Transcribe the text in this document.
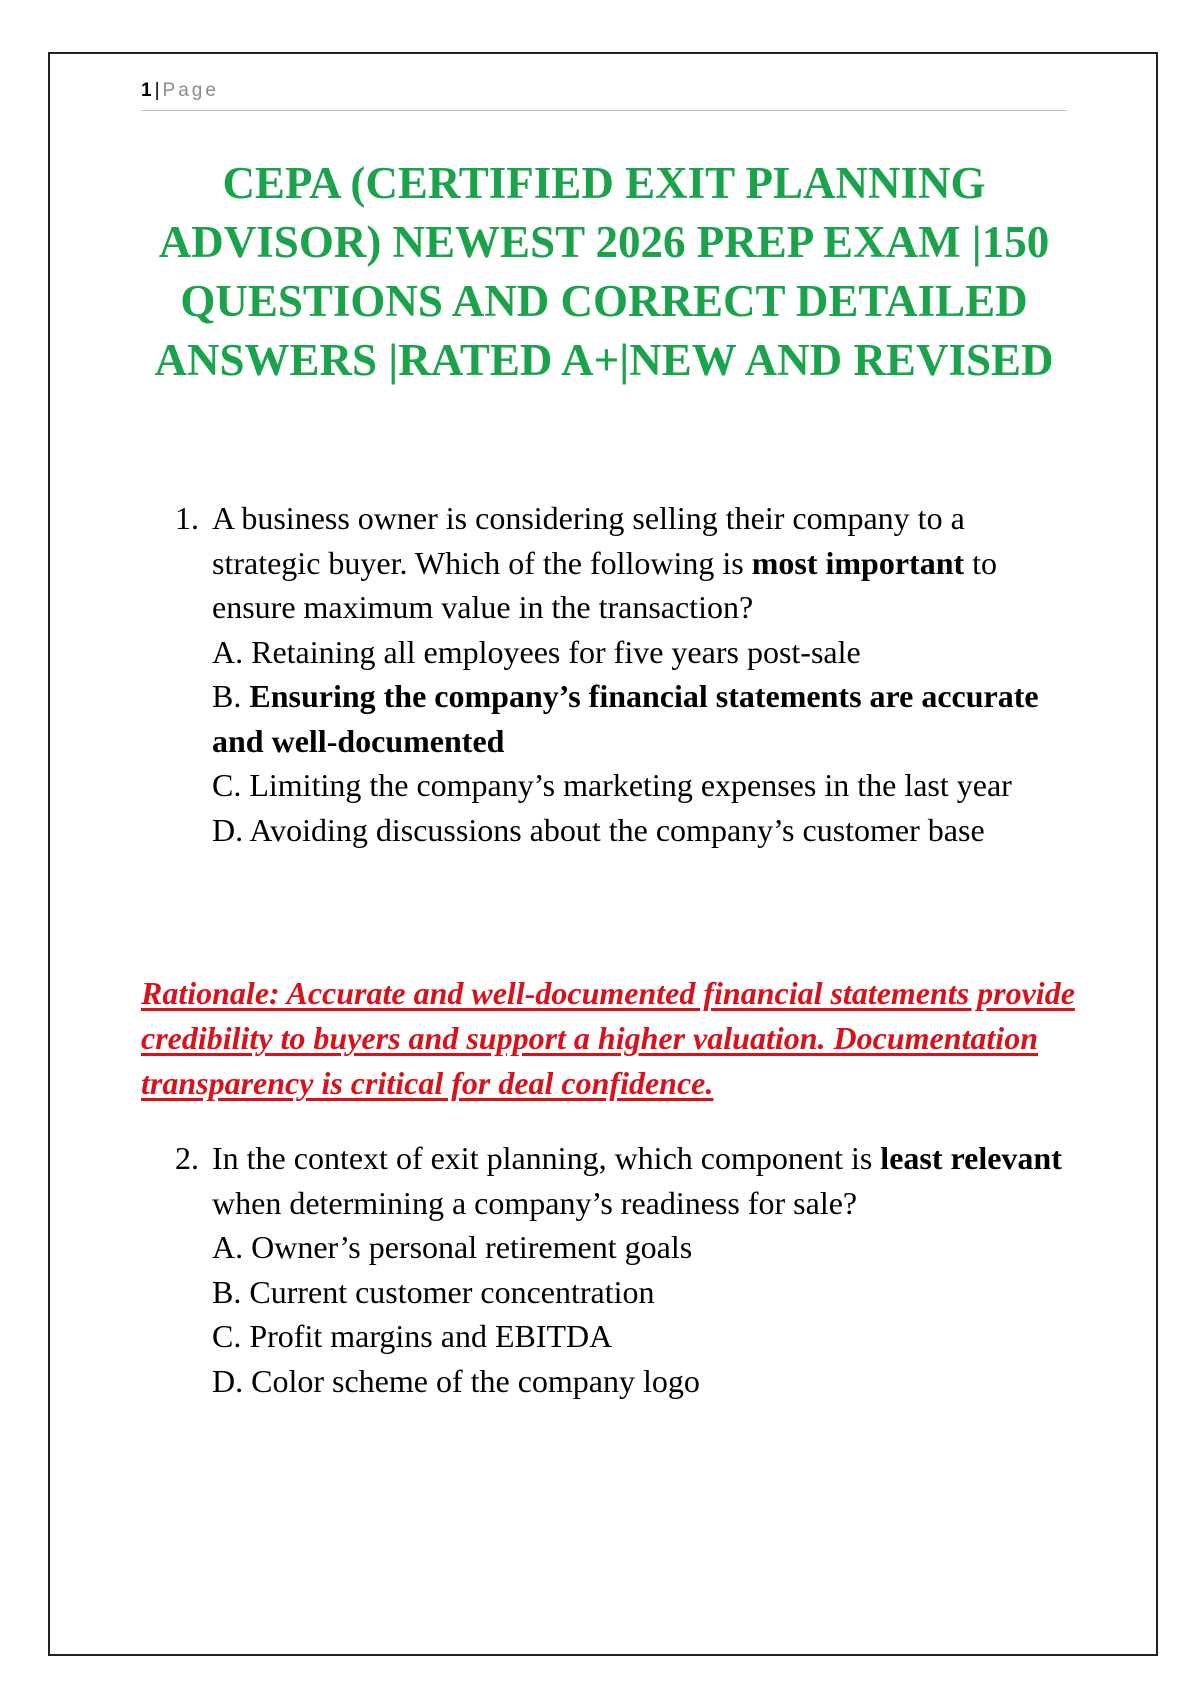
1 | Page
CEPA (CERTIFIED EXIT PLANNING ADVISOR) NEWEST 2026 PREP EXAM |150 QUESTIONS AND CORRECT DETAILED ANSWERS |RATED A+|NEW AND REVISED
1. A business owner is considering selling their company to a strategic buyer. Which of the following is most important to ensure maximum value in the transaction?

A. Retaining all employees for five years post-sale

B. Ensuring the company’s financial statements are accurate and well-documented

C. Limiting the company’s marketing expenses in the last year

D. Avoiding discussions about the company’s customer base

Rationale: Accurate and well-documented financial statements provide credibility to buyers and support a higher valuation. Documentation transparency is critical for deal confidence.

2. In the context of exit planning, which component is least relevant when determining a company’s readiness for sale?

A. Owner’s personal retirement goals

B. Current customer concentration

C. Profit margins and EBITDA

D. Color scheme of the company logo
